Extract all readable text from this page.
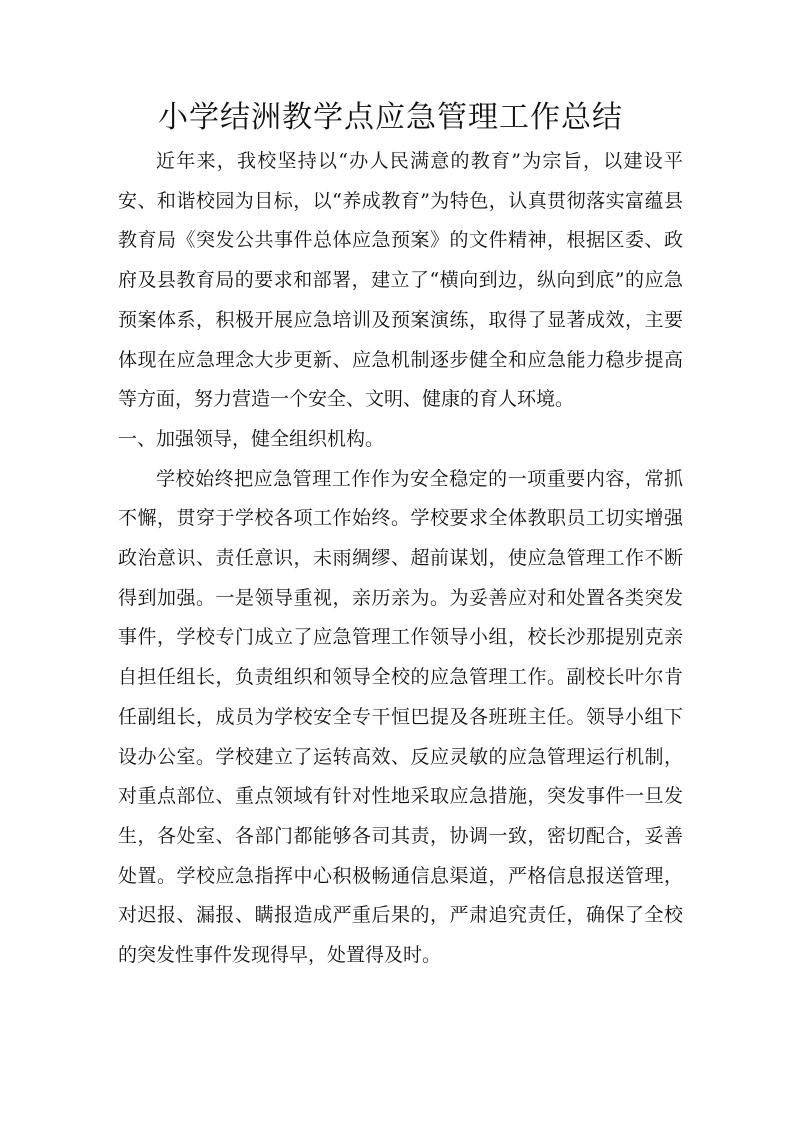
小学结洲教学点应急管理工作总结

近年来，我校坚持以“办人民满意的教育”为宗旨，以建设平安、和谐校园为目标，以“养成教育”为特色，认真贯彻落实富蕴县教育局《突发公共事件总体应急预案》的文件精神，根据区委、政府及县教育局的要求和部署，建立了“横向到边，纵向到底”的应急预案体系，积极开展应急培训及预案演练，取得了显著成效，主要体现在应急理念大步更新、应急机制逐步健全和应急能力稳步提高等方面，努力营造一个安全、文明、健康的育人环境。

一、加强领导，健全组织机构。

学校始终把应急管理工作作为安全稳定的一项重要内容，常抓不懈，贯穿于学校各项工作始终。学校要求全体教职员工切实增强政治意识、责任意识，未雨绸缪、超前谋划，使应急管理工作不断得到加强。一是领导重视，亲历亲为。为妥善应对和处置各类突发事件，学校专门成立了应急管理工作领导小组，校长沙那提别克亲自担任组长，负责组织和领导全校的应急管理工作。副校长叶尔肯任副组长，成员为学校安全专干恒巴提及各班班主任。领导小组下设办公室。学校建立了运转高效、反应灵敏的应急管理运行机制，对重点部位、重点领域有针对性地采取应急措施，突发事件一旦发生，各处室、各部门都能够各司其责，协调一致，密切配合，妥善处置。学校应急指挥中心积极畅通信息渠道，严格信息报送管理，对迟报、漏报、瞒报造成严重后果的，严肃追究责任，确保了全校的突发性事件发现得早，处置得及时。
